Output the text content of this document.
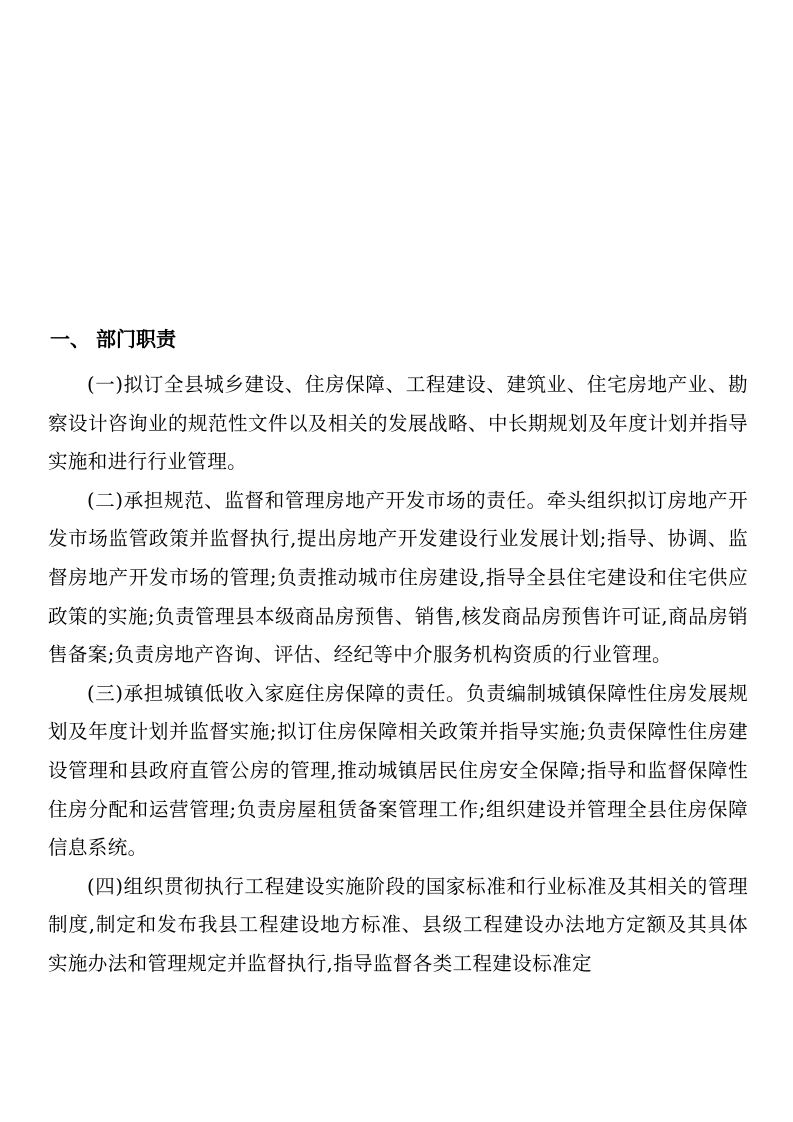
一、 部门职责

(一)拟订全县城乡建设、住房保障、工程建设、建筑业、住宅房地产业、勘察设计咨询业的规范性文件以及相关的发展战略、中长期规划及年度计划并指导实施和进行行业管理。

(二)承担规范、监督和管理房地产开发市场的责任。牵头组织拟订房地产开发市场监管政策并监督执行,提出房地产开发建设行业发展计划;指导、协调、监督房地产开发市场的管理;负责推动城市住房建设,指导全县住宅建设和住宅供应政策的实施;负责管理县本级商品房预售、销售,核发商品房预售许可证,商品房销售备案;负责房地产咨询、评估、经纪等中介服务机构资质的行业管理。

(三)承担城镇低收入家庭住房保障的责任。负责编制城镇保障性住房发展规划及年度计划并监督实施;拟订住房保障相关政策并指导实施;负责保障性住房建设管理和县政府直管公房的管理,推动城镇居民住房安全保障;指导和监督保障性住房分配和运营管理;负责房屋租赁备案管理工作;组织建设并管理全县住房保障信息系统。

(四)组织贯彻执行工程建设实施阶段的国家标准和行业标准及其相关的管理制度,制定和发布我县工程建设地方标准、县级工程建设办法地方定额及其具体实施办法和管理规定并监督执行,指导监督各类工程建设标准定
